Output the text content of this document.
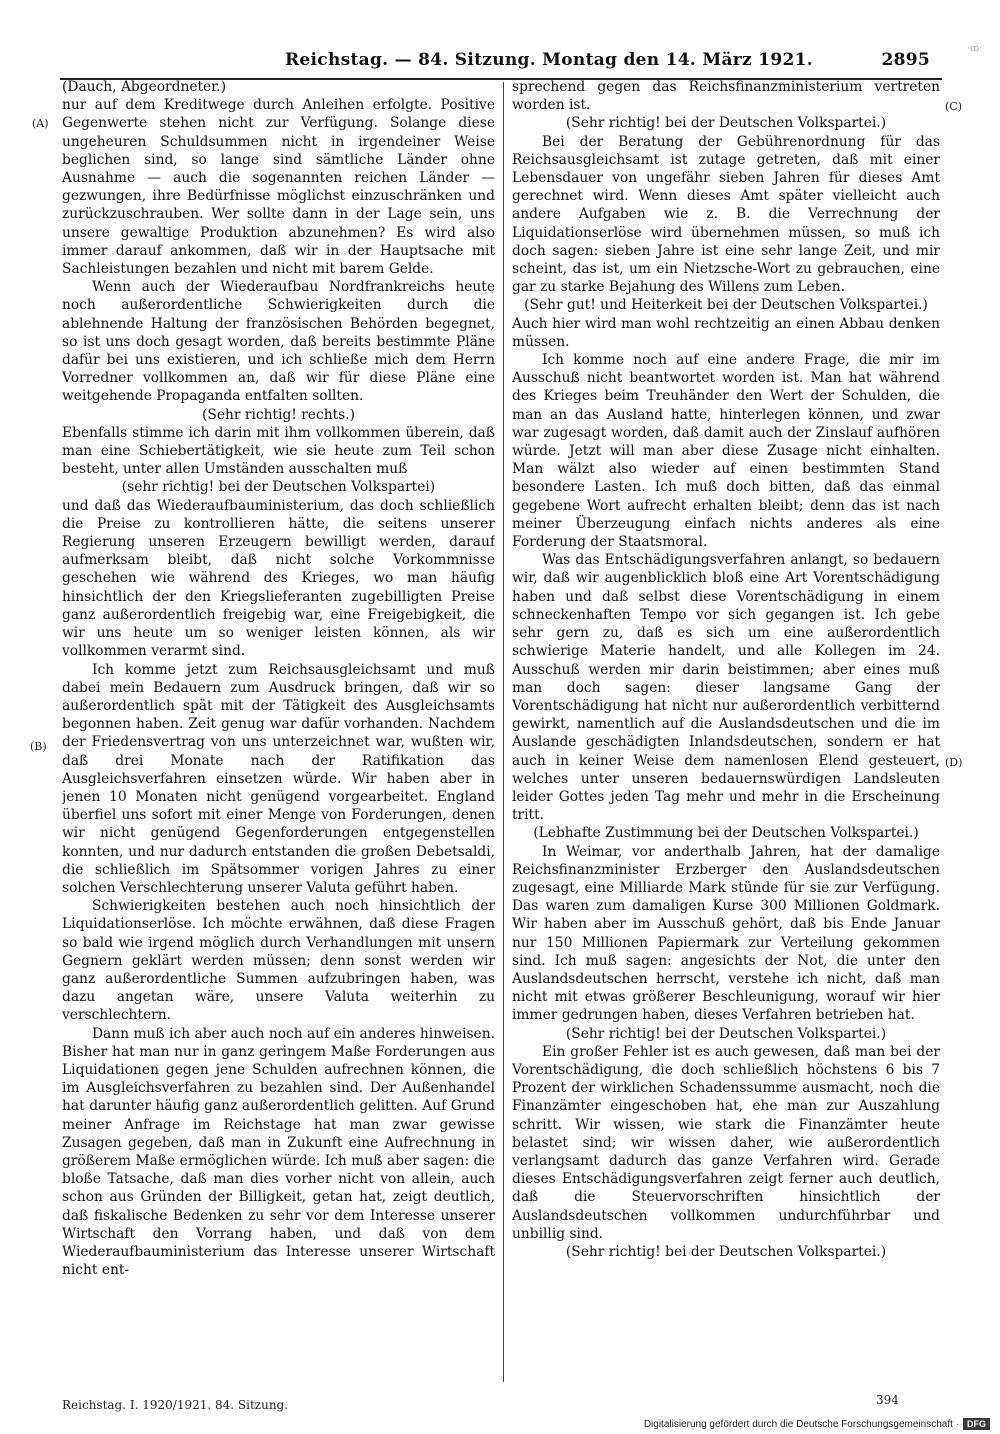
Reichstag. — 84. Sitzung. Montag den 14. März 1921.	2895
·ꝏ·
(A)
(B)
(C)
(D)

(Dauch, Abgeordneter.)

nur auf dem Kreditwege durch Anleihen erfolgte. Positive Gegenwerte stehen nicht zur Verfügung. Solange diese ungeheuren Schuldsummen nicht in irgendeiner Weise beglichen sind, so lange sind sämtliche Länder ohne Ausnahme — auch die sogenannten reichen Länder — gezwungen, ihre Bedürfnisse möglichst einzuschränken und zurückzuschrauben. Wer sollte dann in der Lage sein, uns unsere gewaltige Produktion abzunehmen? Es wird also immer darauf ankommen, daß wir in der Hauptsache mit Sachleistungen bezahlen und nicht mit barem Gelde.

Wenn auch der Wiederaufbau Nordfrankreichs heute noch außerordentliche Schwierigkeiten durch die ablehnende Haltung der französischen Behörden begegnet, so ist uns doch gesagt worden, daß bereits bestimmte Pläne dafür bei uns existieren, und ich schließe mich dem Herrn Vorredner vollkommen an, daß wir für diese Pläne eine weitgehende Propaganda entfalten sollten.

(Sehr richtig! rechts.)

Ebenfalls stimme ich darin mit ihm vollkommen überein, daß man eine Schiebertätigkeit, wie sie heute zum Teil schon besteht, unter allen Umständen ausschalten muß

(sehr richtig! bei der Deutschen Volkspartei)

und daß das Wiederaufbauministerium, das doch schließlich die Preise zu kontrollieren hätte, die seitens unserer Regierung unseren Erzeugern bewilligt werden, darauf aufmerksam bleibt, daß nicht solche Vorkommnisse geschehen wie während des Krieges, wo man häufig hinsichtlich der den Kriegslieferanten zugebilligten Preise ganz außerordentlich freigebig war, eine Freigebigkeit, die wir uns heute um so weniger leisten können, als wir vollkommen verarmt sind.

Ich komme jetzt zum Reichsausgleichsamt und muß dabei mein Bedauern zum Ausdruck bringen, daß wir so außerordentlich spät mit der Tätigkeit des Ausgleichsamts begonnen haben. Zeit genug war dafür vorhanden. Nachdem der Friedensvertrag von uns unterzeichnet war, wußten wir, daß drei Monate nach der Ratifikation das Ausgleichsverfahren einsetzen würde. Wir haben aber in jenen 10 Monaten nicht genügend vorgearbeitet. England überfiel uns sofort mit einer Menge von Forderungen, denen wir nicht genügend Gegenforderungen entgegenstellen konnten, und nur dadurch entstanden die großen Debetsaldi, die schließlich im Spätsommer vorigen Jahres zu einer solchen Verschlechterung unserer Valuta geführt haben.

Schwierigkeiten bestehen auch noch hinsichtlich der Liquidationserlöse. Ich möchte erwähnen, daß diese Fragen so bald wie irgend möglich durch Verhandlungen mit unsern Gegnern geklärt werden müssen; denn sonst werden wir ganz außerordentliche Summen aufzubringen haben, was dazu angetan wäre, unsere Valuta weiterhin zu verschlechtern.

Dann muß ich aber auch noch auf ein anderes hinweisen. Bisher hat man nur in ganz geringem Maße Forderungen aus Liquidationen gegen jene Schulden aufrechnen können, die im Ausgleichsverfahren zu bezahlen sind. Der Außenhandel hat darunter häufig ganz außerordentlich gelitten. Auf Grund meiner Anfrage im Reichstage hat man zwar gewisse Zusagen gegeben, daß man in Zukunft eine Aufrechnung in größerem Maße ermöglichen würde. Ich muß aber sagen: die bloße Tatsache, daß man dies vorher nicht von allein, auch schon aus Gründen der Billigkeit, getan hat, zeigt deutlich, daß fiskalische Bedenken zu sehr vor dem Interesse unserer Wirtschaft den Vorrang haben, und daß von dem Wiederaufbauministerium das Interesse unserer Wirtschaft nicht ent-

sprechend gegen das Reichsfinanzministerium vertreten worden ist.

(Sehr richtig! bei der Deutschen Volkspartei.)

Bei der Beratung der Gebührenordnung für das Reichsausgleichsamt ist zutage getreten, daß mit einer Lebensdauer von ungefähr sieben Jahren für dieses Amt gerechnet wird. Wenn dieses Amt später vielleicht auch andere Aufgaben wie z. B. die Verrechnung der Liquidationserlöse wird übernehmen müssen, so muß ich doch sagen: sieben Jahre ist eine sehr lange Zeit, und mir scheint, das ist, um ein Nietzsche-Wort zu gebrauchen, eine gar zu starke Bejahung des Willens zum Leben.

(Sehr gut! und Heiterkeit bei der Deutschen Volkspartei.)

Auch hier wird man wohl rechtzeitig an einen Abbau denken müssen.

Ich komme noch auf eine andere Frage, die mir im Ausschuß nicht beantwortet worden ist. Man hat während des Krieges beim Treuhänder den Wert der Schulden, die man an das Ausland hatte, hinterlegen können, und zwar war zugesagt worden, daß damit auch der Zinslauf aufhören würde. Jetzt will man aber diese Zusage nicht einhalten. Man wälzt also wieder auf einen bestimmten Stand besondere Lasten. Ich muß doch bitten, daß das einmal gegebene Wort aufrecht erhalten bleibt; denn das ist nach meiner Überzeugung einfach nichts anderes als eine Forderung der Staatsmoral.

Was das Entschädigungsverfahren anlangt, so bedauern wir, daß wir augenblicklich bloß eine Art Vorentschädigung haben und daß selbst diese Vorentschädigung in einem schneckenhaften Tempo vor sich gegangen ist. Ich gebe sehr gern zu, daß es sich um eine außerordentlich schwierige Materie handelt, und alle Kollegen im 24. Ausschuß werden mir darin beistimmen; aber eines muß man doch sagen: dieser langsame Gang der Vorentschädigung hat nicht nur außerordentlich verbitternd gewirkt, namentlich auf die Auslandsdeutschen und die im Auslande geschädigten Inlandsdeutschen, sondern er hat auch in keiner Weise dem namenlosen Elend gesteuert, welches unter unseren bedauernswürdigen Landsleuten leider Gottes jeden Tag mehr und mehr in die Erscheinung tritt.

(Lebhafte Zustimmung bei der Deutschen Volkspartei.)

In Weimar, vor anderthalb Jahren, hat der damalige Reichsfinanzminister Erzberger den Auslandsdeutschen zugesagt, eine Milliarde Mark stünde für sie zur Verfügung. Das waren zum damaligen Kurse 300 Millionen Goldmark. Wir haben aber im Ausschuß gehört, daß bis Ende Januar nur 150 Millionen Papiermark zur Verteilung gekommen sind. Ich muß sagen: angesichts der Not, die unter den Auslandsdeutschen herrscht, verstehe ich nicht, daß man nicht mit etwas größerer Beschleunigung, worauf wir hier immer gedrungen haben, dieses Verfahren betrieben hat.

(Sehr richtig! bei der Deutschen Volkspartei.)

Ein großer Fehler ist es auch gewesen, daß man bei der Vorentschädigung, die doch schließlich höchstens 6 bis 7 Prozent der wirklichen Schadenssumme ausmacht, noch die Finanzämter eingeschoben hat, ehe man zur Auszahlung schritt. Wir wissen, wie stark die Finanzämter heute belastet sind; wir wissen daher, wie außerordentlich verlangsamt dadurch das ganze Verfahren wird. Gerade dieses Entschädigungsverfahren zeigt ferner auch deutlich, daß die Steuervorschriften hinsichtlich der Auslandsdeutschen vollkommen undurchführbar und unbillig sind.

(Sehr richtig! bei der Deutschen Volkspartei.)

Reichstag. I. 1920/1921. 84. Sitzung.	394
Digitalisierung gefördert durch die Deutsche Forschungsgemeinschaft · DFG
